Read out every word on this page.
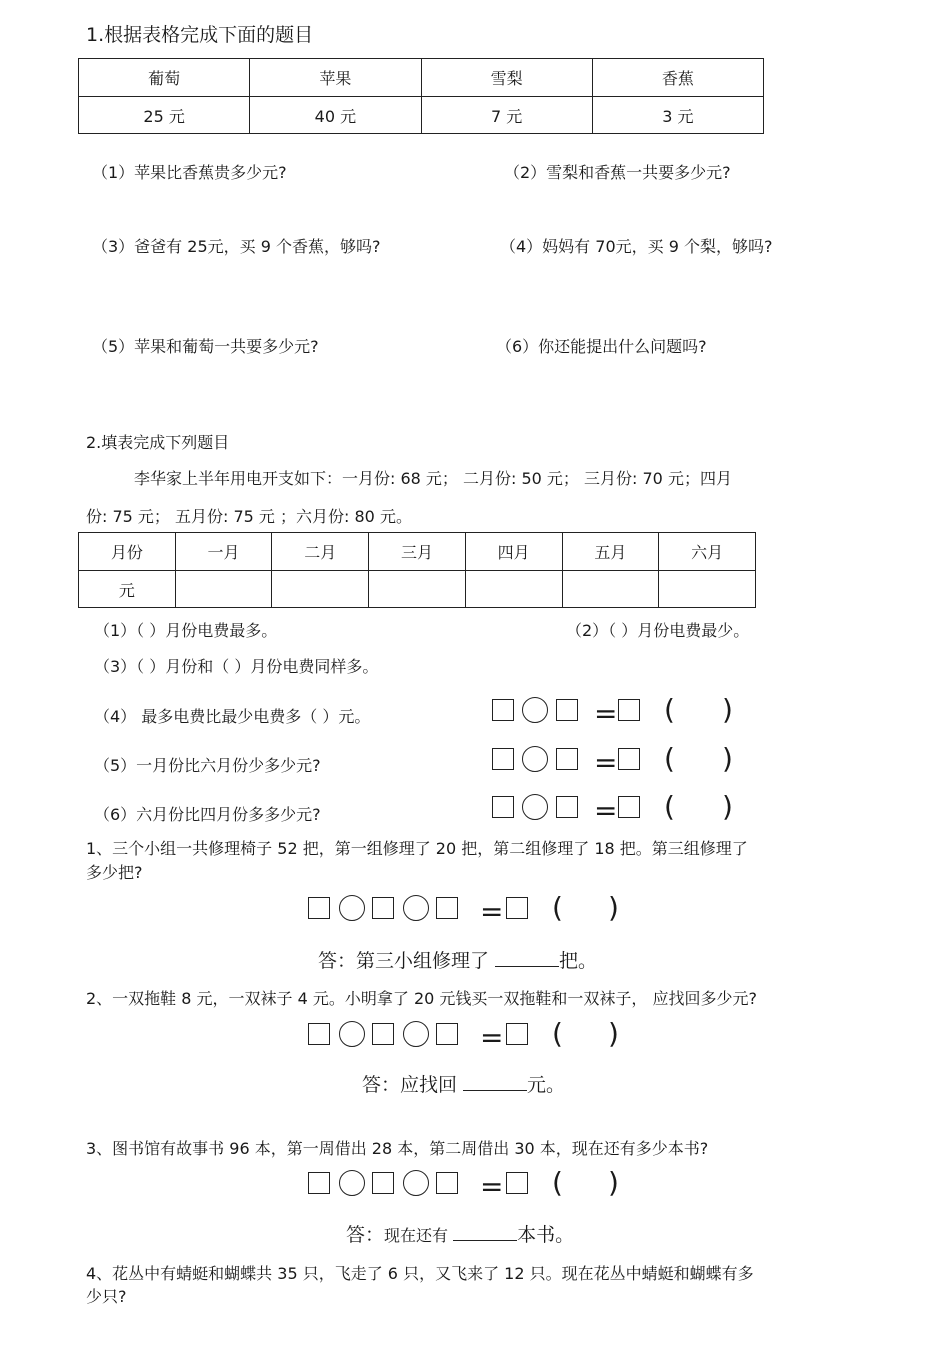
1.根据表格完成下面的题目
葡萄	苹果	雪梨	香蕉
25 元	40 元	7 元	3 元
（1）苹果比香蕉贵多少元?	（2）雪梨和香蕉一共要多少元?
（3）爸爸有 25元，买 9 个香蕉，够吗?	（4）妈妈有 70元，买 9 个梨，够吗?
（5）苹果和葡萄一共要多少元?	（6）你还能提出什么问题吗?
2.填表完成下列题目
李华家上半年用电开支如下：一月份: 68 元； 二月份: 50 元； 三月份: 70 元；四月
份: 75 元； 五月份: 75 元 ；六月份: 80 元。
月份	一月	二月	三月	四月	五月	六月
元						
（1）（ ）月份电费最多。	（2）（ ）月份电费最少。
（3）（ ）月份和（ ）月份电费同样多。
（4） 最多电费比最少电费多（ ）元。
（5）一月份比六月份少多少元?
（6）六月份比四月份多多少元?
= ( )
= ( )
= ( )
1、三个小组一共修理椅子 52 把，第一组修理了 20 把，第二组修理了 18 把。第三组修理了
多少把?
= ( )
答：第三小组修理了	把。
2、一双拖鞋 8 元，一双袜子 4 元。小明拿了 20 元钱买一双拖鞋和一双袜子， 应找回多少元?
= ( )
答：应找回	元。
3、图书馆有故事书 96 本，第一周借出 28 本，第二周借出 30 本，现在还有多少本书?
= ( )
答：现在还有	本书。
4、花丛中有蜻蜓和蝴蝶共 35 只，飞走了 6 只，又飞来了 12 只。现在花丛中蜻蜓和蝴蝶有多
少只?
